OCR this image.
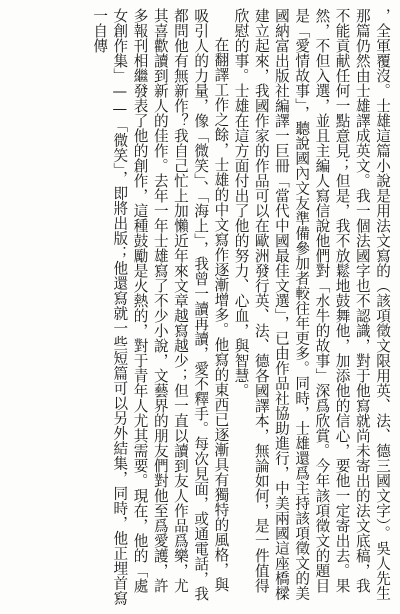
，全軍覆沒。士雄這篇小說是用法文寫的（該項徵文限用英、法、德三國文字）。吳人先生那篇仍然由士雄譯成英文。我一個法國字也不認識，對于他寫就尚未寄出的法文底稿，我不能貢献任何一點意見；但是，我不放鬆地鼓舞他，加添他的信心，要他一定寄出去。果然，不但入選，並且主編人寫信說他們對「水牛的故事」深爲欣賞。今年該項徵文的題目是「愛情故事」，聽說國內文友準備參加者較往年更多。同時，士雄還爲主持該項徵文的美國納富出版社編譯一巨冊「當代中國最佳文選」，已由作品社協助進行，中美兩國這座橋樑建立起來，我國作家的作品可以在歐洲發行英、法、德各國譯本，無論如何，是一件值得欣慰的事。士雄在這方面付出了他的努力、心血，與智慧。

在翻譯工作之餘，士雄的中文寫作逐漸增多。他寫的東西已逐漸具有獨特的風格，與吸引人的力量，像「微笑」、「海上」，我曾一讀再讀，愛不釋手。每次見面，或通電話，我都問他有無新作？我自己忙上加懶近年來文章越寫越少；但一直以讀到友人作品爲樂，尤其喜歡讀到新人的佳作。去年一年士雄寫了不少小說，文藝界的朋友們對他至爲愛護，許多報刊相繼發表了他的創作，這種鼓勵是火熱的，對于青年人尤其需要。現在，他的「處女創作集」——「微笑」，即將出版；他還寫就一些短篇可以另外結集，同時，他正埋首寫一自傳
